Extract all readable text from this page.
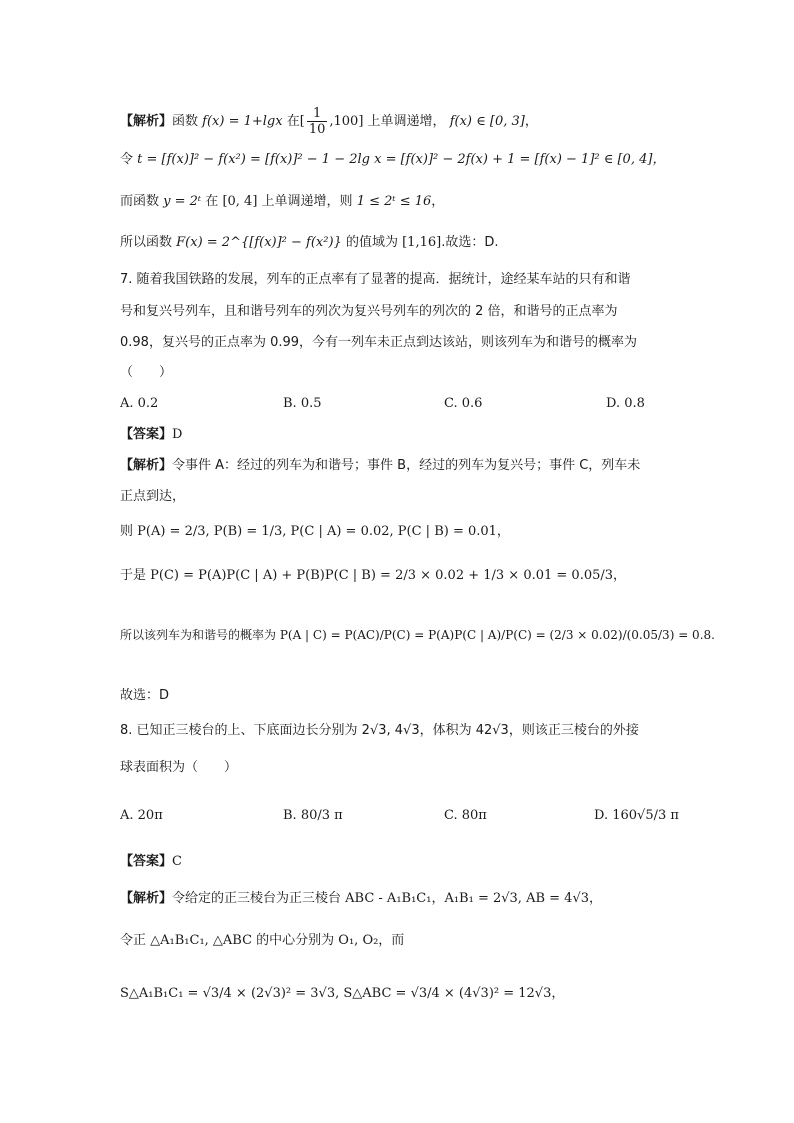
【解析】函数 f(x) = 1+lgx 在[ $\frac{1}{10} ,100$] 上单调递增， f(x) ∈ [0, 3]，
令 t = [f(x)]² − f(x²) = [f(x)]² − 1 − 2lg x = [f(x)]² − 2f(x) + 1 = [f(x) − 1]² ∈ [0, 4]，
而函数 y = 2ᵗ 在 [0, 4] 上单调递增，则 1 ≤ 2ᵗ ≤ 16，
所以函数 F(x) = 2^{[f(x)]² − f(x²)} 的值域为 [1,16].故选：D.
7. 随着我国铁路的发展，列车的正点率有了显著的提高．据统计，途经某车站的只有和谐
号和复兴号列车，且和谐号列车的列次为复兴号列车的列次的 2 倍，和谐号的正点率为
0.98，复兴号的正点率为 0.99，今有一列车未正点到达该站，则该列车为和谐号的概率为
（　　）
A. 0.2	B. 0.5	C. 0.6	D. 0.8
【答案】D
【解析】令事件 A：经过的列车为和谐号；事件 B，经过的列车为复兴号；事件 C，列车未
正点到达，
则 P(A) = 2/3, P(B) = 1/3, P(C | A) = 0.02, P(C | B) = 0.01，
于是 P(C) = P(A)P(C | A) + P(B)P(C | B) = 2/3 × 0.02 + 1/3 × 0.01 = 0.05/3，
所以该列车为和谐号的概率为 P(A | C) = P(AC)/P(C) = P(A)P(C | A)/P(C) = (2/3 × 0.02)/(0.05/3) = 0.8.
故选：D
8. 已知正三棱台的上、下底面边长分别为 2√3, 4√3，体积为 42√3，则该正三棱台的外接
球表面积为（　　）
A. 20π	B. 80/3 π	C. 80π	D. 160√5/3 π
【答案】C
【解析】令给定的正三棱台为正三棱台 ABC - A₁B₁C₁，A₁B₁ = 2√3, AB = 4√3，
令正 △A₁B₁C₁, △ABC 的中心分别为 O₁, O₂，而
S△A₁B₁C₁ = √3/4 × (2√3)² = 3√3, S△ABC = √3/4 × (4√3)² = 12√3，
